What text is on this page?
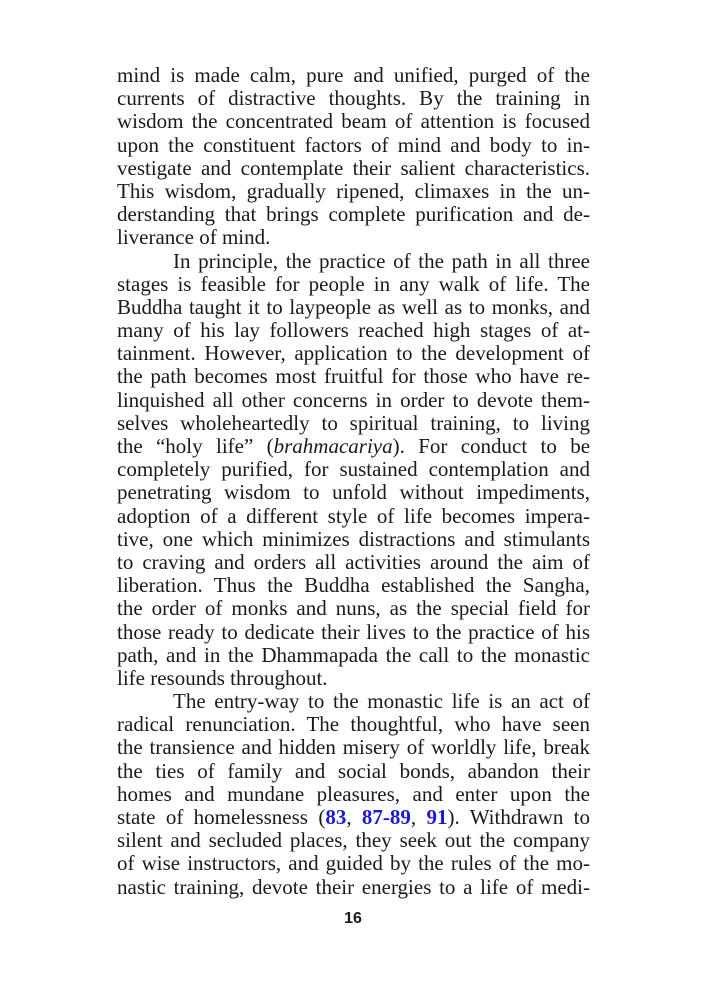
mind is made calm, pure and unified, purged of the
currents of distractive thoughts. By the training in
wisdom the concentrated beam of attention is focused
upon the constituent factors of mind and body to in-
vestigate and contemplate their salient characteristics.
This wisdom, gradually ripened, climaxes in the un-
derstanding that brings complete purification and de-
liverance of mind.
In principle, the practice of the path in all three
stages is feasible for people in any walk of life. The
Buddha taught it to laypeople as well as to monks, and
many of his lay followers reached high stages of at-
tainment. However, application to the development of
the path becomes most fruitful for those who have re-
linquished all other concerns in order to devote them-
selves wholeheartedly to spiritual training, to living
the “holy life” (brahmacariya). For conduct to be
completely purified, for sustained contemplation and
penetrating wisdom to unfold without impediments,
adoption of a different style of life becomes impera-
tive, one which minimizes distractions and stimulants
to craving and orders all activities around the aim of
liberation. Thus the Buddha established the Sangha,
the order of monks and nuns, as the special field for
those ready to dedicate their lives to the practice of his
path, and in the Dhammapada the call to the monastic
life resounds throughout.
The entry-way to the monastic life is an act of
radical renunciation. The thoughtful, who have seen
the transience and hidden misery of worldly life, break
the ties of family and social bonds, abandon their
homes and mundane pleasures, and enter upon the
state of homelessness (83, 87-89, 91). Withdrawn to
silent and secluded places, they seek out the company
of wise instructors, and guided by the rules of the mo-
nastic training, devote their energies to a life of medi-
16
